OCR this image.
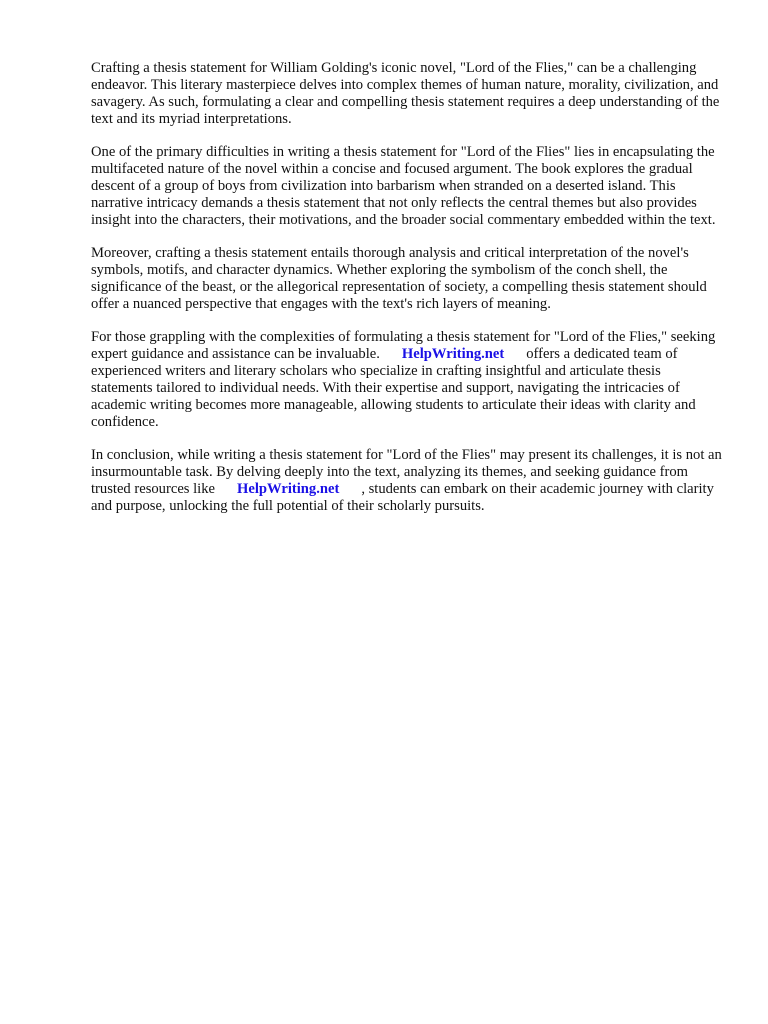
Crafting a thesis statement for William Golding's iconic novel, "Lord of the Flies," can be a challenging endeavor. This literary masterpiece delves into complex themes of human nature, morality, civilization, and savagery. As such, formulating a clear and compelling thesis statement requires a deep understanding of the text and its myriad interpretations.

One of the primary difficulties in writing a thesis statement for "Lord of the Flies" lies in encapsulating the multifaceted nature of the novel within a concise and focused argument. The book explores the gradual descent of a group of boys from civilization into barbarism when stranded on a deserted island. This narrative intricacy demands a thesis statement that not only reflects the central themes but also provides insight into the characters, their motivations, and the broader social commentary embedded within the text.

Moreover, crafting a thesis statement entails thorough analysis and critical interpretation of the novel's symbols, motifs, and character dynamics. Whether exploring the symbolism of the conch shell, the significance of the beast, or the allegorical representation of society, a compelling thesis statement should offer a nuanced perspective that engages with the text's rich layers of meaning.

For those grappling with the complexities of formulating a thesis statement for "Lord of the Flies," seeking expert guidance and assistance can be invaluable. HelpWriting.net offers a dedicated team of experienced writers and literary scholars who specialize in crafting insightful and articulate thesis statements tailored to individual needs. With their expertise and support, navigating the intricacies of academic writing becomes more manageable, allowing students to articulate their ideas with clarity and confidence.

In conclusion, while writing a thesis statement for "Lord of the Flies" may present its challenges, it is not an insurmountable task. By delving deeply into the text, analyzing its themes, and seeking guidance from trusted resources like HelpWriting.net , students can embark on their academic journey with clarity and purpose, unlocking the full potential of their scholarly pursuits.
